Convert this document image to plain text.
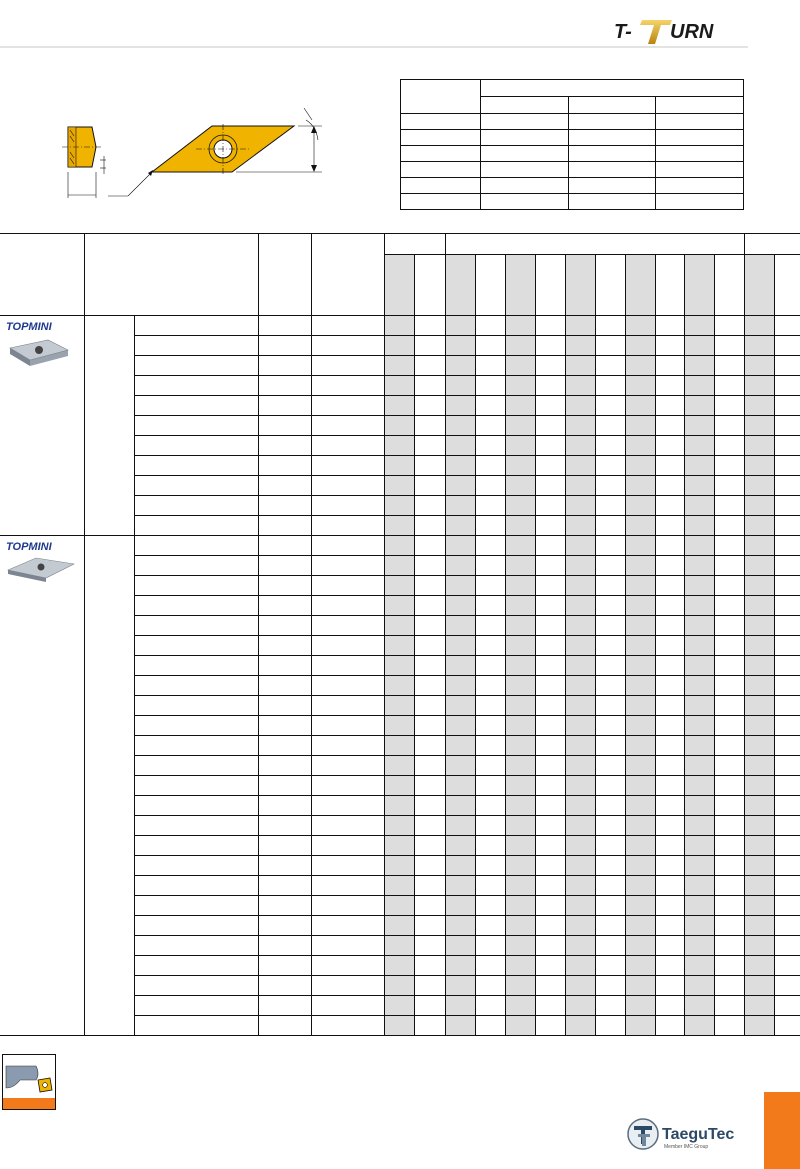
T- URN

TOPMINI																		

TOPMINI																		

TaeguTec
Member IMC Group
